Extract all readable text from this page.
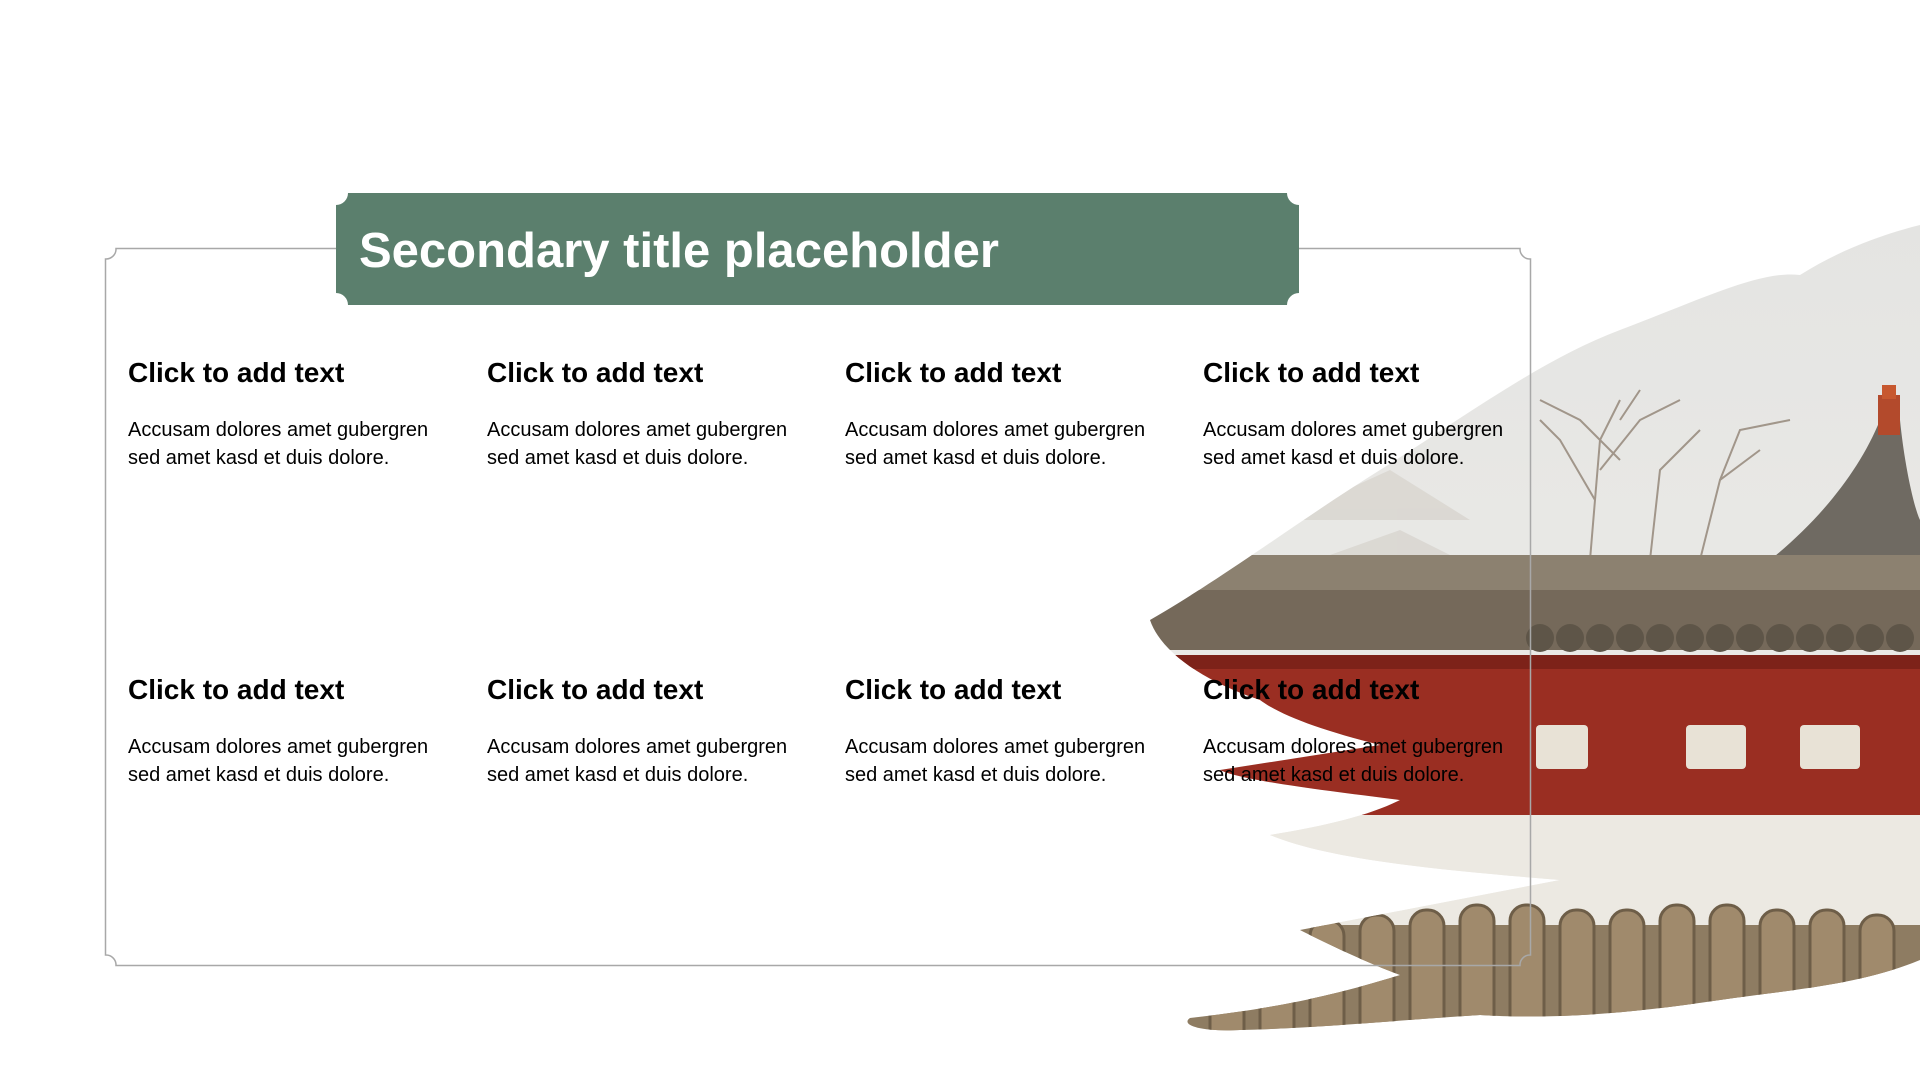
Secondary title placeholder
Click to add text
Accusam dolores amet gubergren sed amet kasd et duis dolore.
Click to add text
Accusam dolores amet gubergren sed amet kasd et duis dolore.
Click to add text
Accusam dolores amet gubergren sed amet kasd et duis dolore.
Click to add text
Accusam dolores amet gubergren sed amet kasd et duis dolore.
Click to add text
Accusam dolores amet gubergren sed amet kasd et duis dolore.
Click to add text
Accusam dolores amet gubergren sed amet kasd et duis dolore.
Click to add text
Accusam dolores amet gubergren sed amet kasd et duis dolore.
Click to add text
Accusam dolores amet gubergren sed amet kasd et duis dolore.
